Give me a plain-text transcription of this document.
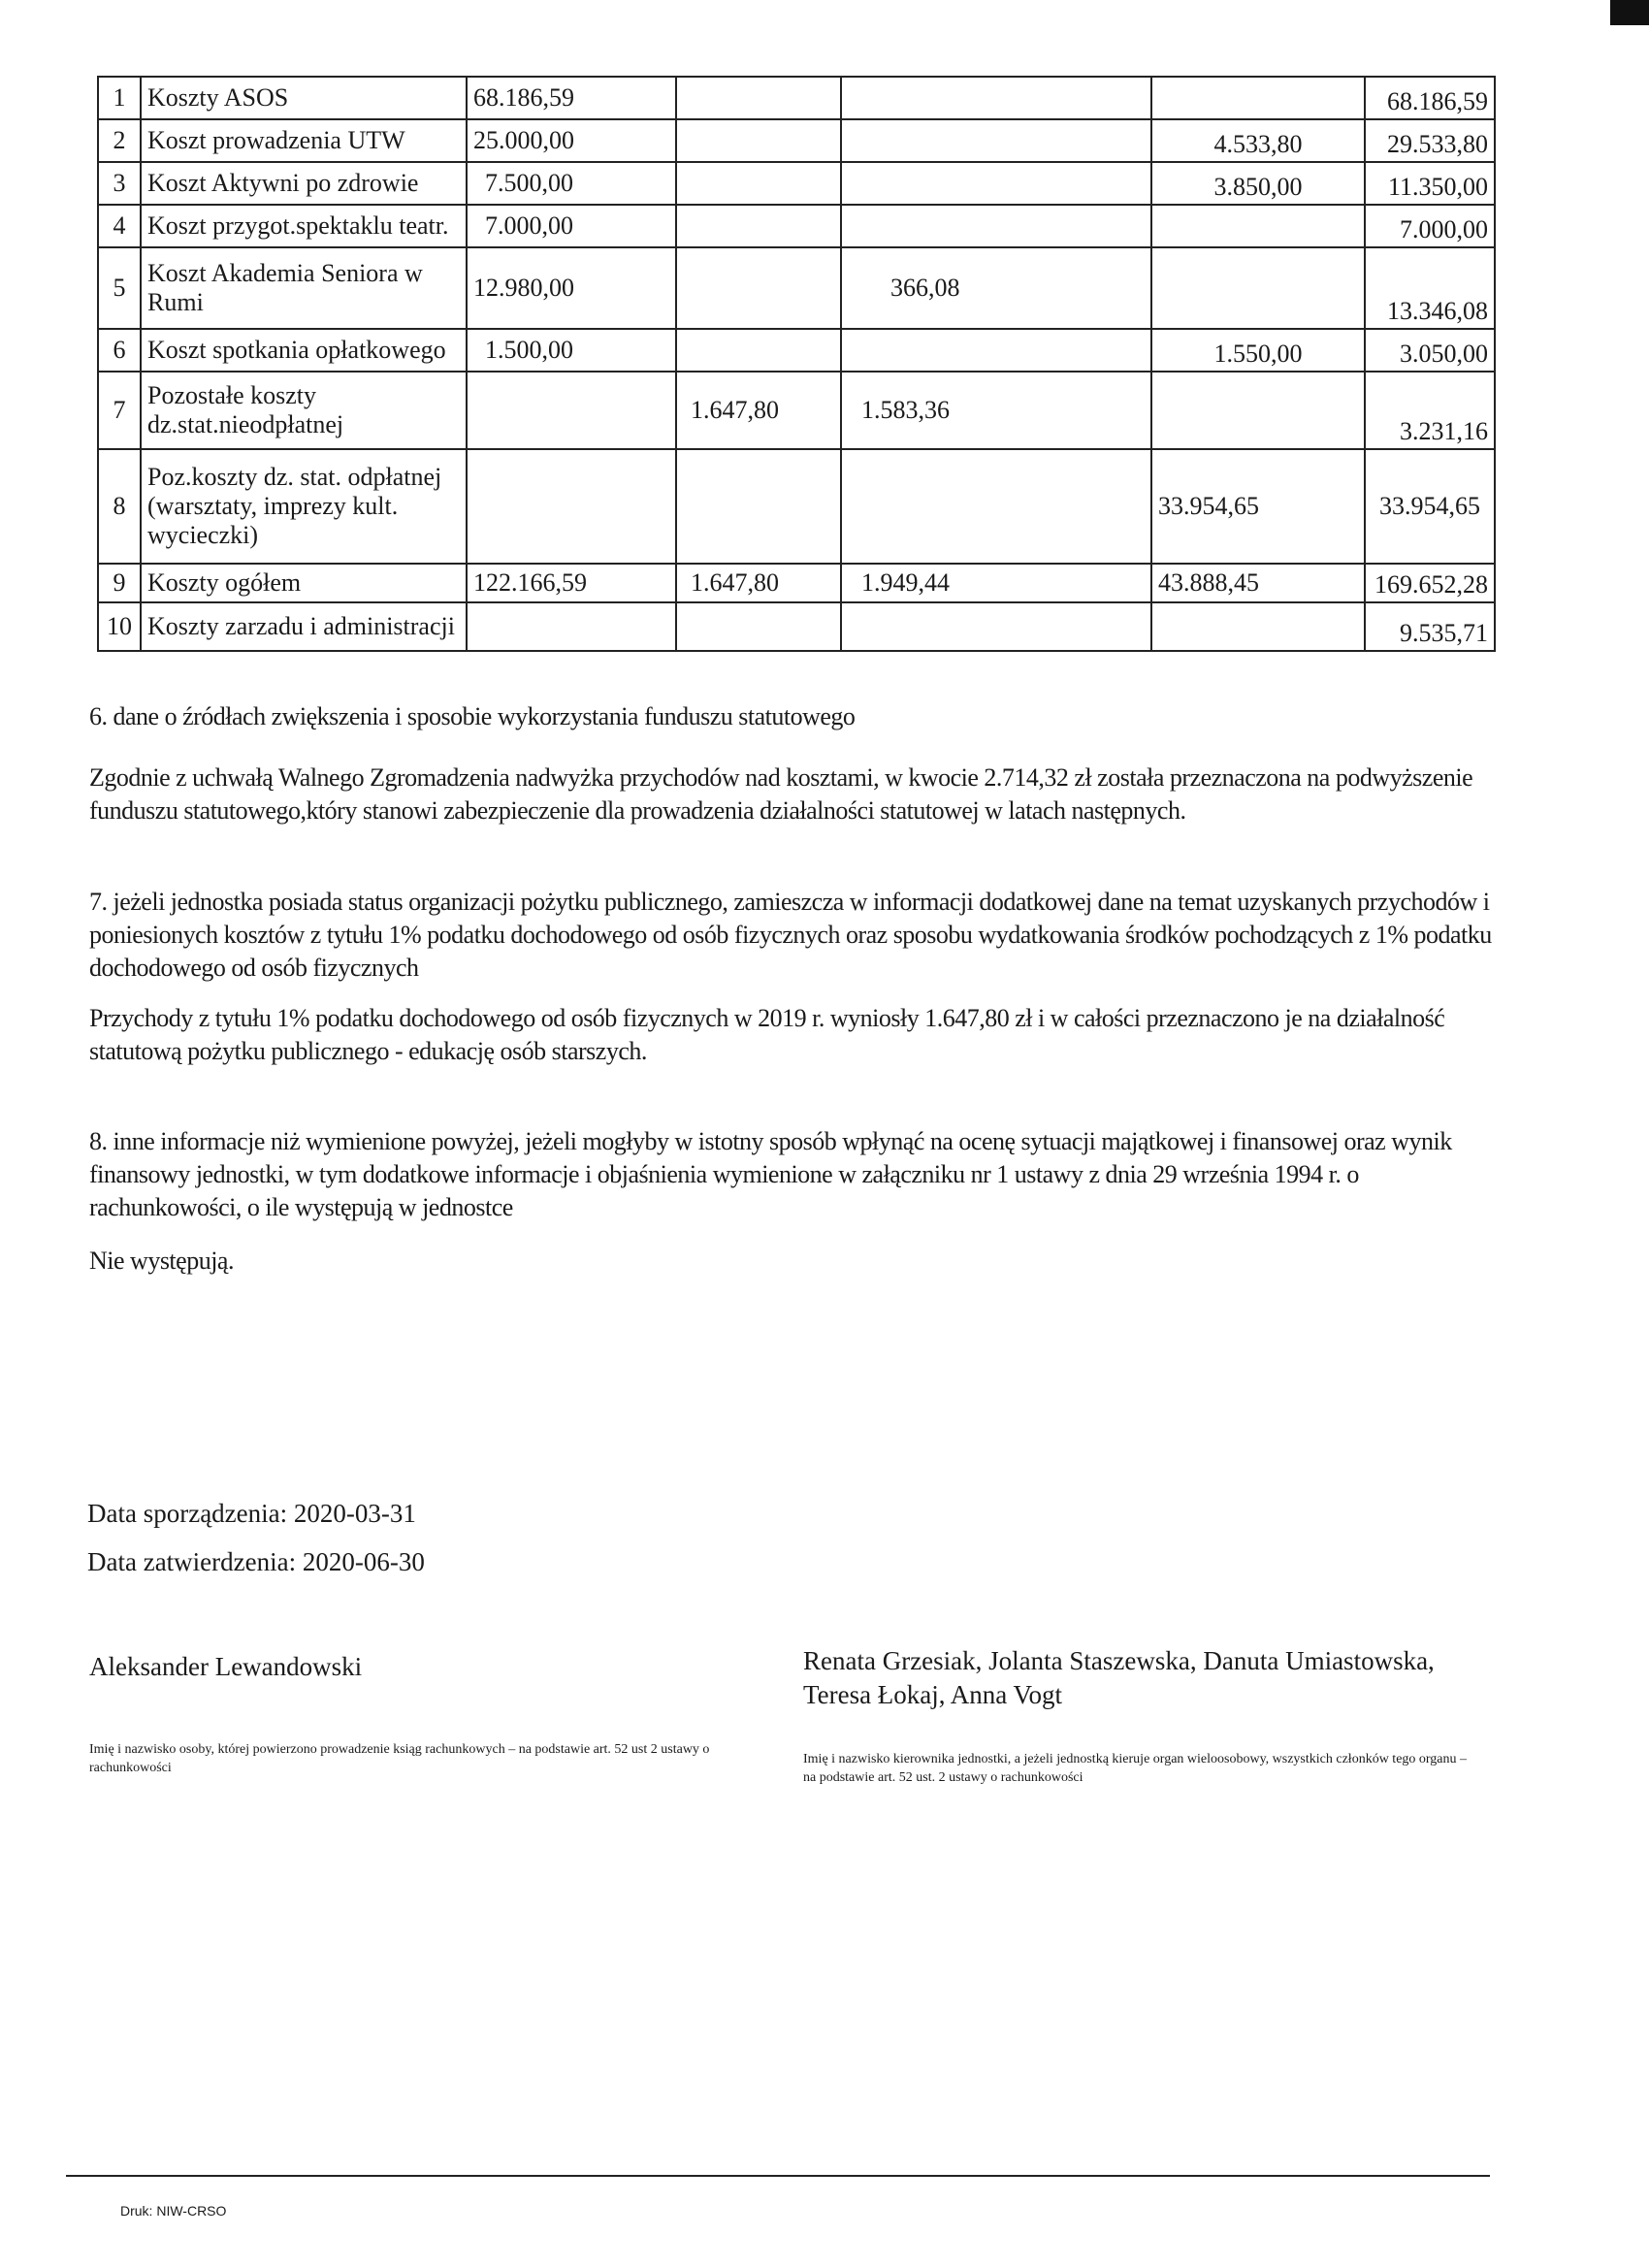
1	Koszty ASOS	68.186,59				68.186,59
2	Koszt prowadzenia UTW	25.000,00			4.533,80	29.533,80
3	Koszt Aktywni po zdrowie	7.500,00			3.850,00	11.350,00
4	Koszt przygot.spektaklu teatr.	7.000,00				7.000,00
5	Koszt Akademia Seniora w Rumi	12.980,00		366,08		13.346,08
6	Koszt spotkania opłatkowego	1.500,00			1.550,00	3.050,00
7	Pozostałe koszty dz.stat.nieodpłatnej		1.647,80	1.583,36		3.231,16
8	Poz.koszty dz. stat. odpłatnej (warsztaty, imprezy kult. wycieczki)				33.954,65	33.954,65
9	Koszty ogółem	122.166,59	1.647,80	1.949,44	43.888,45	169.652,28
10	Koszty zarzadu i administracji					9.535,71
6. dane o źródłach zwiększenia i sposobie wykorzystania funduszu statutowego
Zgodnie z uchwałą Walnego Zgromadzenia nadwyżka przychodów nad kosztami, w kwocie 2.714,32 zł została przeznaczona na podwyższenie funduszu statutowego,który stanowi zabezpieczenie dla prowadzenia działalności statutowej w latach następnych.
7. jeżeli jednostka posiada status organizacji pożytku publicznego, zamieszcza w informacji dodatkowej dane na temat uzyskanych przychodów i poniesionych kosztów z tytułu 1% podatku dochodowego od osób fizycznych oraz sposobu wydatkowania środków pochodzących z 1% podatku dochodowego od osób fizycznych
Przychody z tytułu 1% podatku dochodowego od osób fizycznych w 2019 r. wyniosły 1.647,80 zł i w całości przeznaczono je na działalność statutową pożytku publicznego - edukację osób starszych.
8. inne informacje niż wymienione powyżej, jeżeli mogłyby w istotny sposób wpłynąć na ocenę sytuacji majątkowej i finansowej oraz wynik finansowy jednostki, w tym dodatkowe informacje i objaśnienia wymienione w załączniku nr 1 ustawy z dnia 29 września 1994 r. o rachunkowości, o ile występują w jednostce
Nie występują.
Data sporządzenia: 2020-03-31
Data zatwierdzenia: 2020-06-30
Aleksander Lewandowski	Renata Grzesiak, Jolanta Staszewska, Danuta Umiastowska, Teresa Łokaj, Anna Vogt
Imię i nazwisko osoby, której powierzono prowadzenie ksiąg rachunkowych – na podstawie art. 52 ust 2 ustawy o rachunkowości
Imię i nazwisko kierownika jednostki, a jeżeli jednostką kieruje organ wieloosobowy, wszystkich członków tego organu – na podstawie art. 52 ust. 2 ustawy o rachunkowości
Druk: NIW-CRSO
